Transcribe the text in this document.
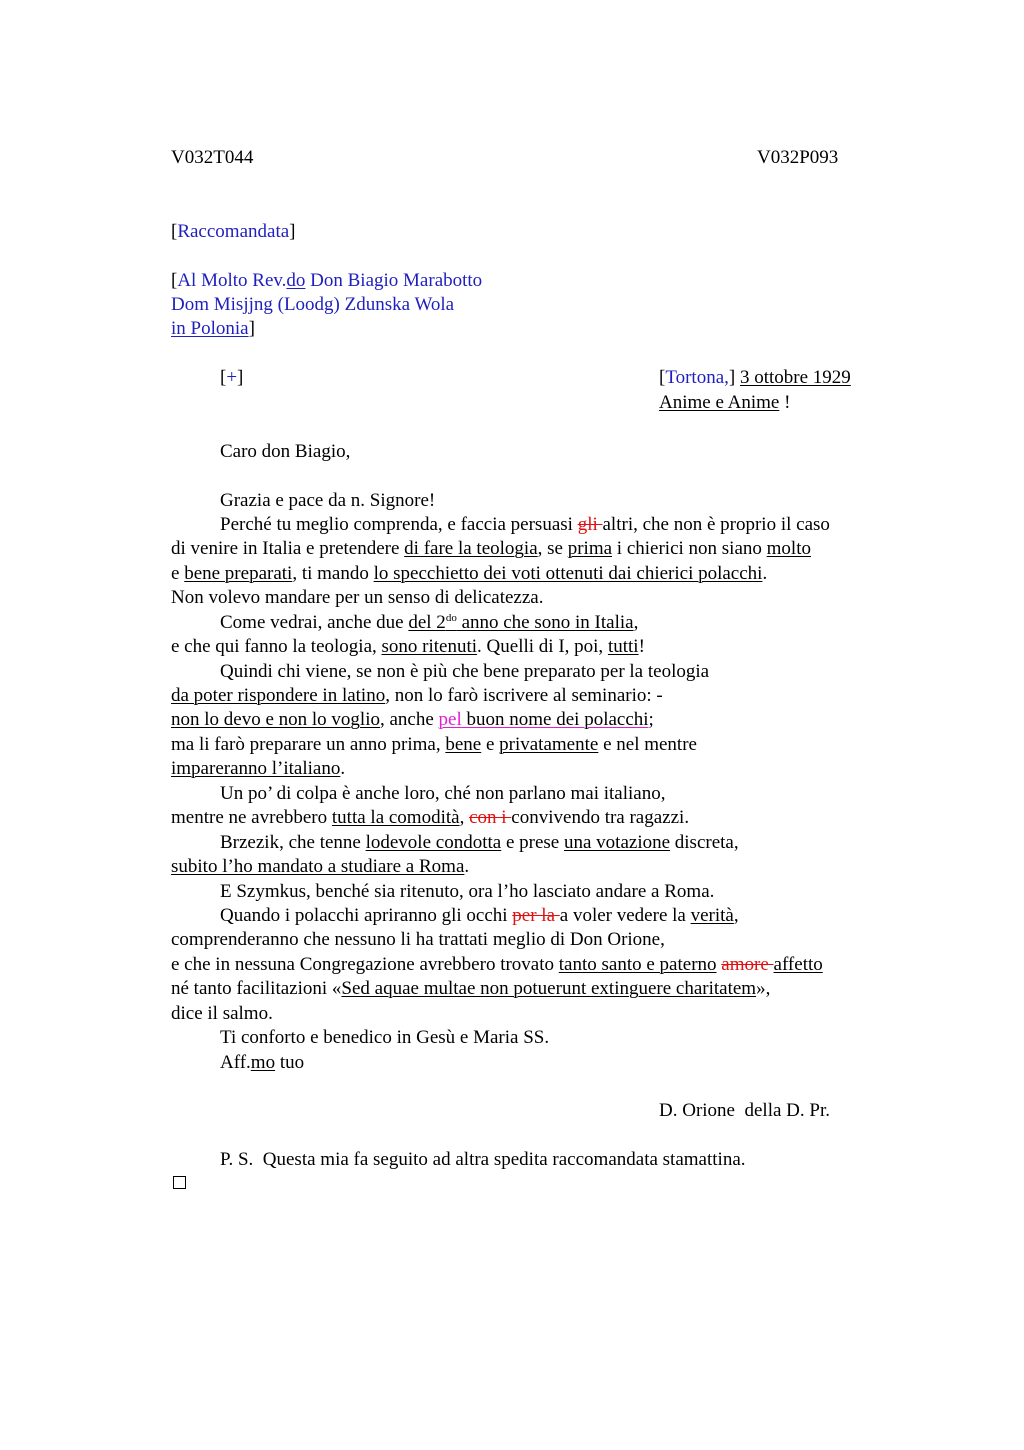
V032T044	V032P093
[Raccomandata]
[Al Molto Rev.do Don Biagio Marabotto
Dom Misjjng (Loodg) Zdunska Wola
in Polonia]
[+]	[Tortona,] 3 ottobre 1929
Anime e Anime !
Caro don Biagio,
Grazia e pace da n. Signore!
Perché tu meglio comprenda, e faccia persuasi gli altri, che non è proprio il caso
di venire in Italia e pretendere di fare la teologia, se prima i chierici non siano molto
e bene preparati, ti mando lo specchietto dei voti ottenuti dai chierici polacchi.
Non volevo mandare per un senso di delicatezza.
Come vedrai, anche due del $2^{do}$ anno che sono in Italia,
e che qui fanno la teologia, sono ritenuti. Quelli di I, poi, tutti!
Quindi chi viene, se non è più che bene preparato per la teologia
da poter rispondere in latino, non lo farò iscrivere al seminario: -
non lo devo e non lo voglio, anche pel buon nome dei polacchi;
ma li farò preparare un anno prima, bene e privatamente e nel mentre
impareranno l’italiano.
Un po’ di colpa è anche loro, ché non parlano mai italiano,
mentre ne avrebbero tutta la comodità, con i convivendo tra ragazzi.
Brzezik, che tenne lodevole condotta e prese una votazione discreta,
subito l’ho mandato a studiare a Roma.
E Szymkus, benché sia ritenuto, ora l’ho lasciato andare a Roma.
Quando i polacchi apriranno gli occhi per la a voler vedere la verità,
comprenderanno che nessuno li ha trattati meglio di Don Orione,
e che in nessuna Congregazione avrebbero trovato tanto santo e paterno amore affetto
né tanto facilitazioni «Sed aquae multae non potuerunt extinguere charitatem»,
dice il salmo.
Ti conforto e benedico in Gesù e Maria SS.
Aff.mo tuo
D. Orione  della D. Pr.
P. S.  Questa mia fa seguito ad altra spedita raccomandata stamattina.
